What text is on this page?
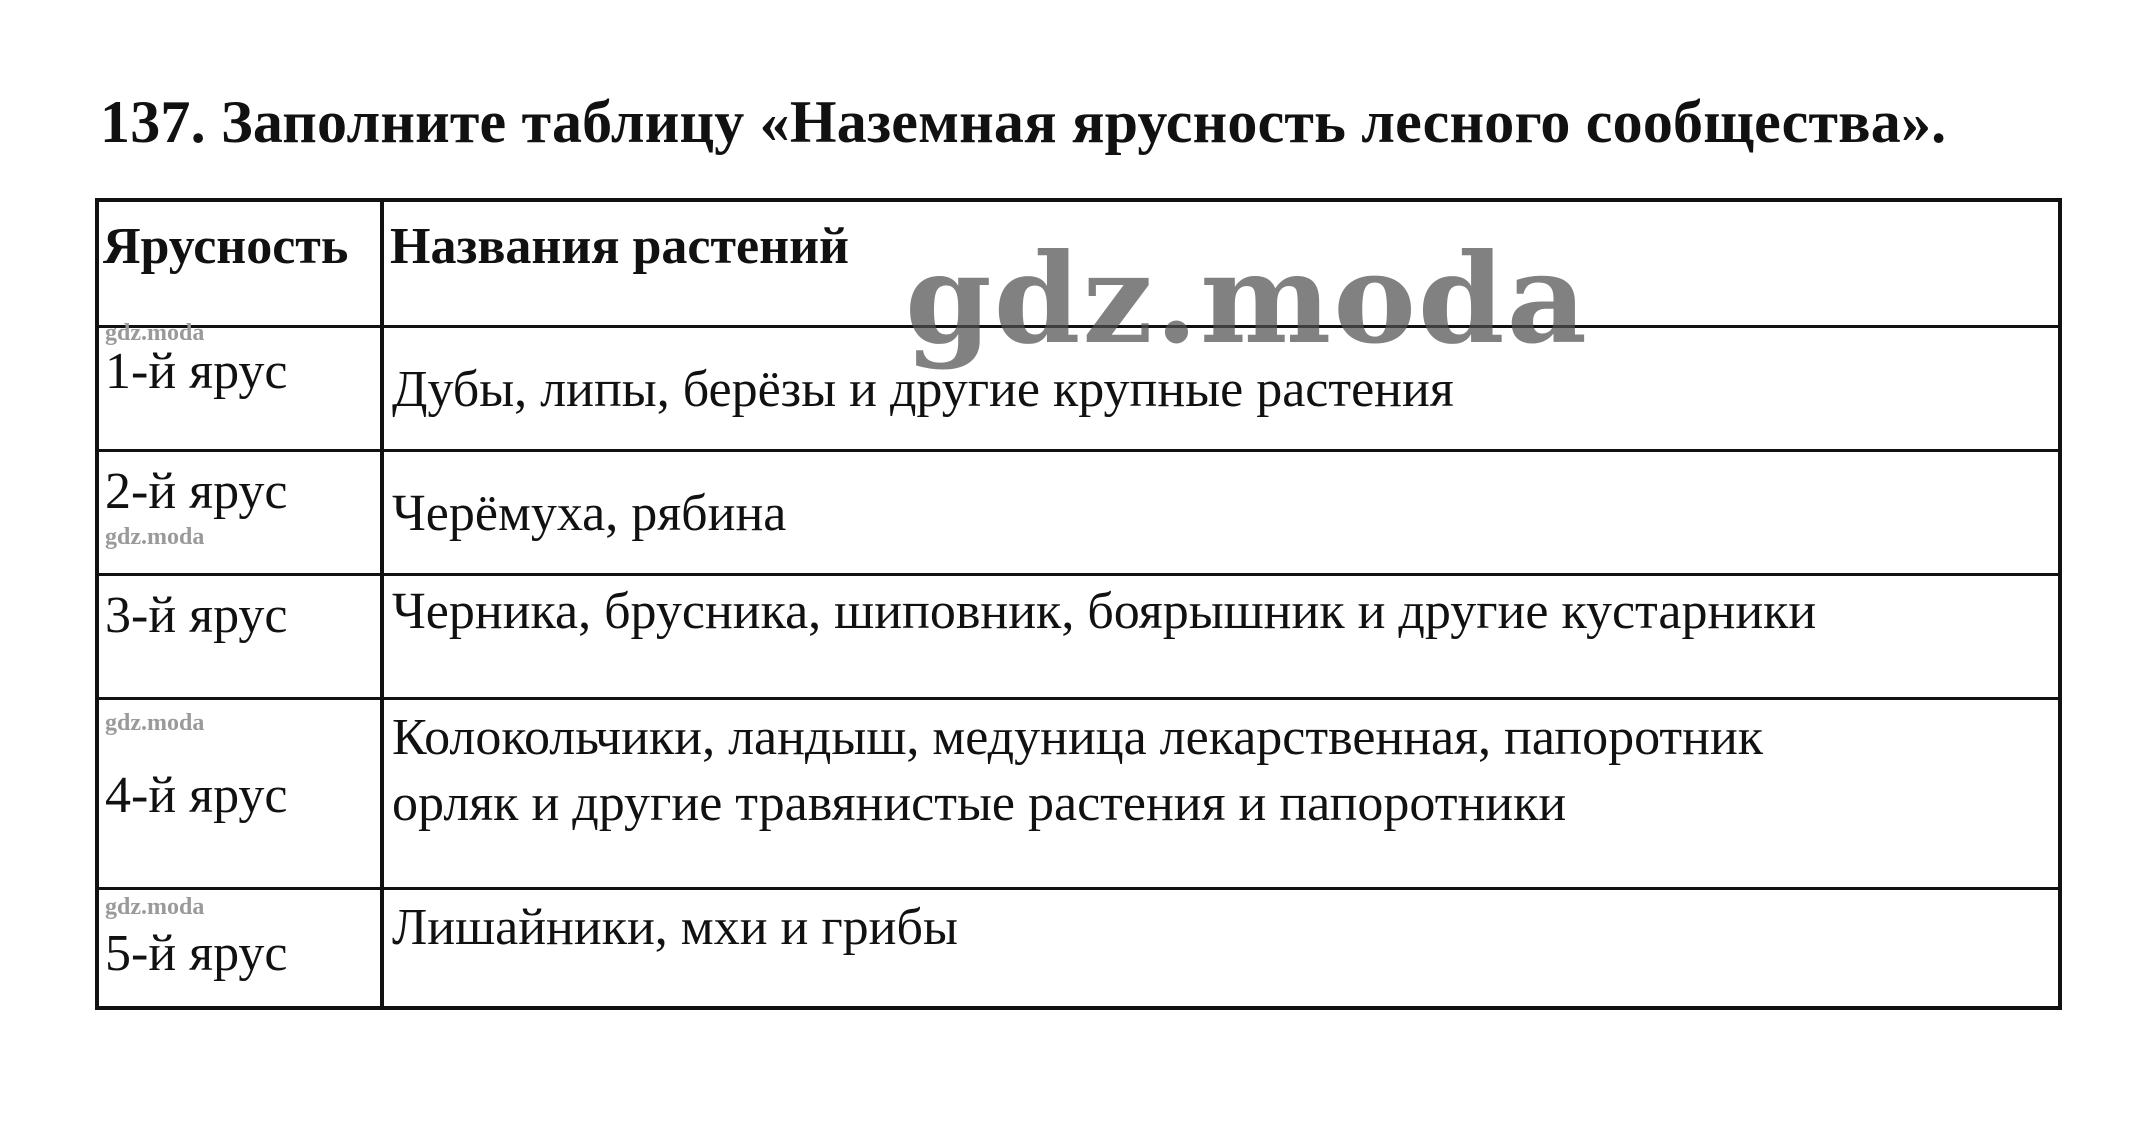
137. Заполните таблицу «Наземная ярусность лесного сообщества».
Ярусность Названия растений
gdz.moda
1-й ярус Дубы, липы, берёзы и другие крупные растения
2-й ярус
gdz.moda	Черёмуха, рябина
3-й ярус Черника, брусника, шиповник, боярышник и другие кустарники
gdz.moda
4-й ярус
Колокольчики, ландыш, медуница лекарственная, папоротник
орляк и другие травянистые растения и папоротники
gdz.moda
5-й ярус Лишайники, мхи и грибы
gdz.moda
